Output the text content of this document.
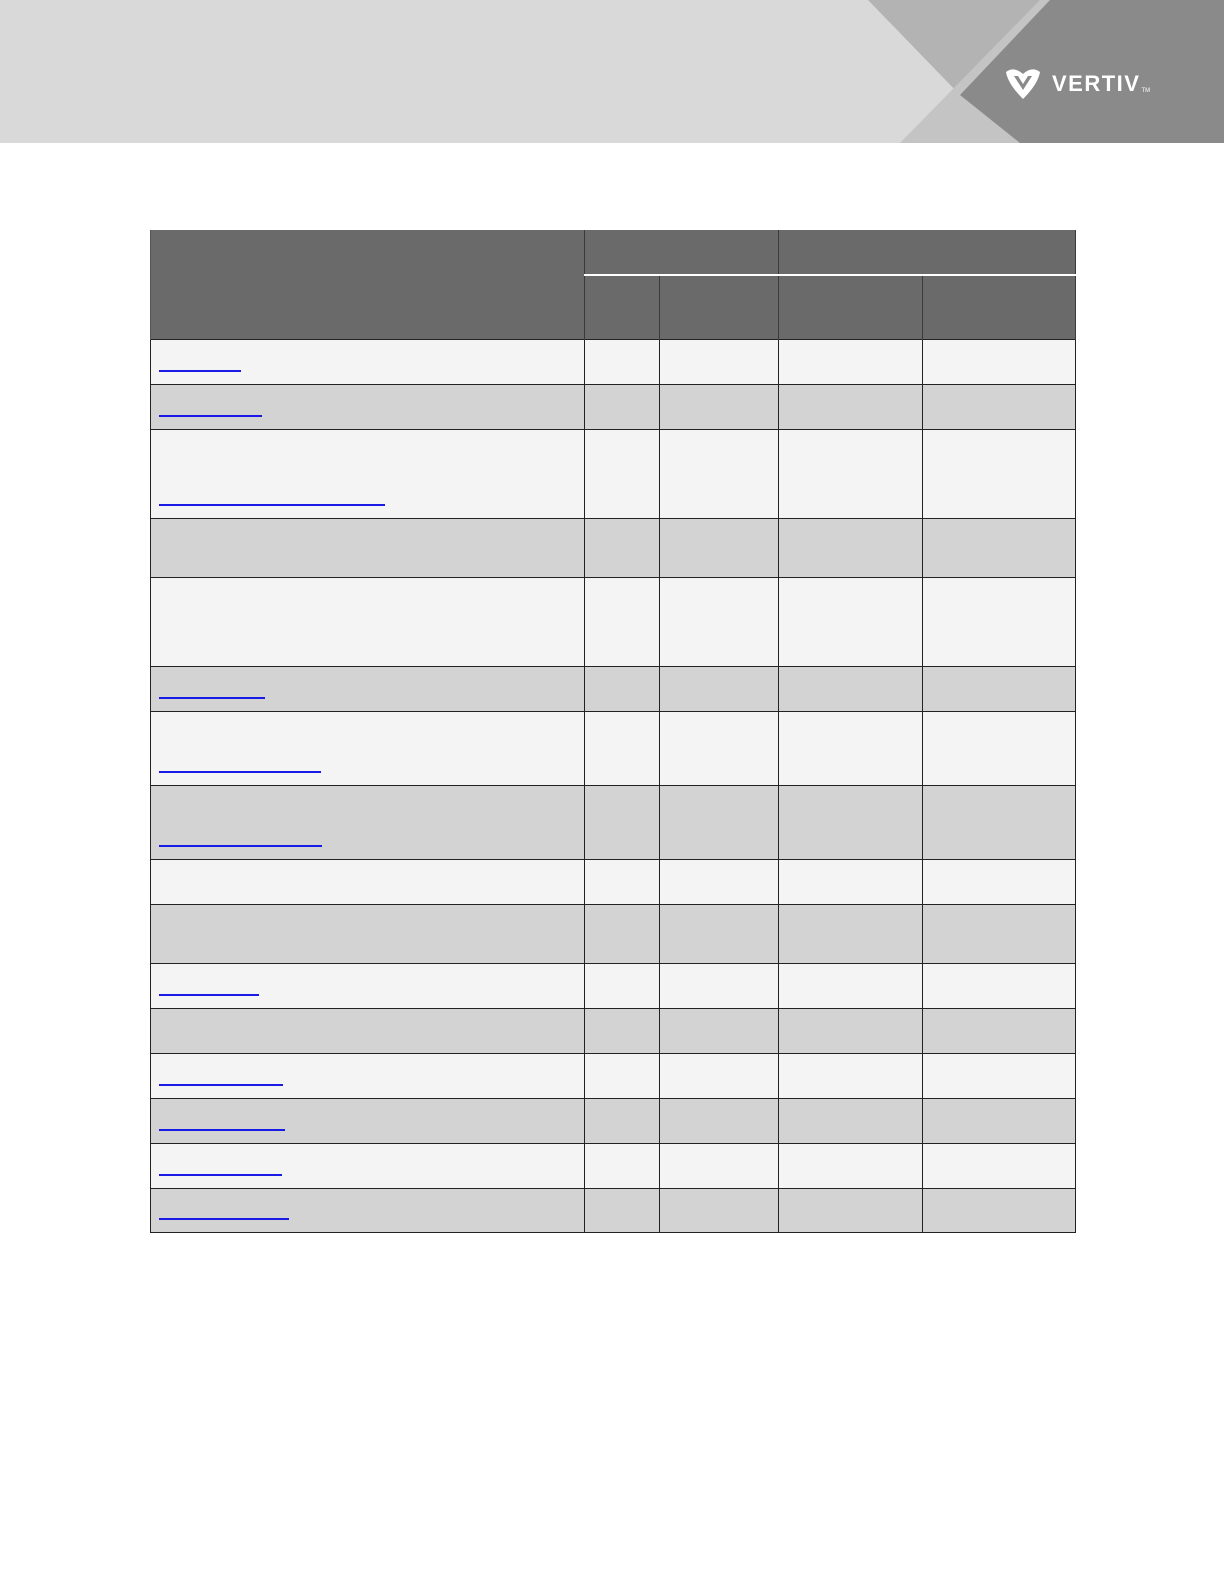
VERTIV TM
